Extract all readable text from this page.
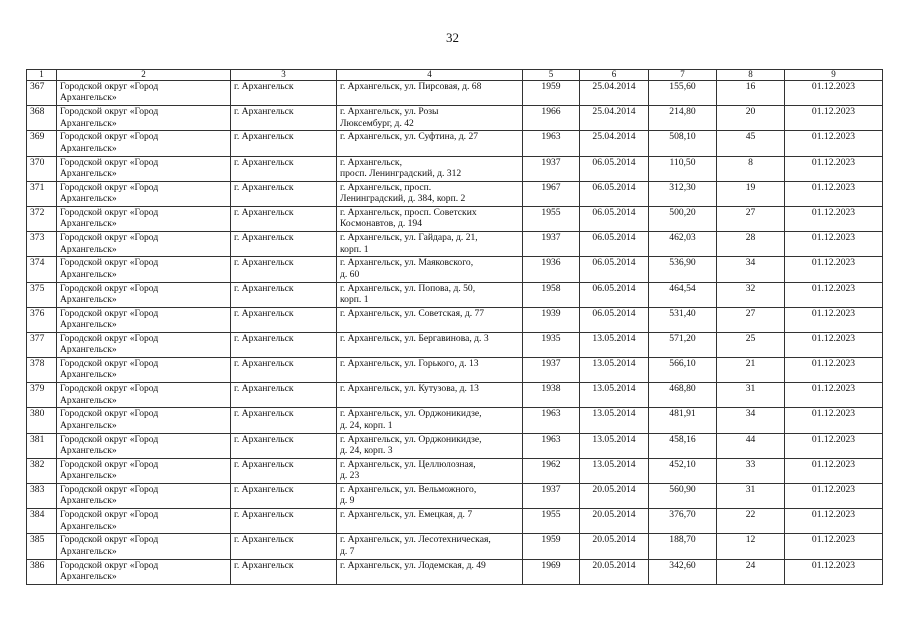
32
1	2	3	4	5	6	7	8	9
367	Городской округ «Город
Архангельск»	г. Архангельск	г. Архангельск, ул. Пирсовая, д. 68	1959	25.04.2014	155,60	16	01.12.2023
368	Городской округ «Город
Архангельск»	г. Архангельск	г. Архангельск, ул. Розы
Люксембург, д. 42	1966	25.04.2014	214,80	20	01.12.2023
369	Городской округ «Город
Архангельск»	г. Архангельск	г. Архангельск, ул. Суфтина, д. 27	1963	25.04.2014	508,10	45	01.12.2023
370	Городской округ «Город
Архангельск»	г. Архангельск	г. Архангельск,
просп. Ленинградский, д. 312	1937	06.05.2014	110,50	8	01.12.2023
371	Городской округ «Город
Архангельск»	г. Архангельск	г. Архангельск, просп.
Ленинградский, д. 384, корп. 2	1967	06.05.2014	312,30	19	01.12.2023
372	Городской округ «Город
Архангельск»	г. Архангельск	г. Архангельск, просп. Советских
Космонавтов, д. 194	1955	06.05.2014	500,20	27	01.12.2023
373	Городской округ «Город
Архангельск»	г. Архангельск	г. Архангельск, ул. Гайдара, д. 21,
корп. 1	1937	06.05.2014	462,03	28	01.12.2023
374	Городской округ «Город
Архангельск»	г. Архангельск	г. Архангельск, ул. Маяковского,
д. 60	1936	06.05.2014	536,90	34	01.12.2023
375	Городской округ «Город
Архангельск»	г. Архангельск	г. Архангельск, ул. Попова, д. 50,
корп. 1	1958	06.05.2014	464,54	32	01.12.2023
376	Городской округ «Город
Архангельск»	г. Архангельск	г. Архангельск, ул. Советская, д. 77	1939	06.05.2014	531,40	27	01.12.2023
377	Городской округ «Город
Архангельск»	г. Архангельск	г. Архангельск, ул. Бергавинова, д. 3	1935	13.05.2014	571,20	25	01.12.2023
378	Городской округ «Город
Архангельск»	г. Архангельск	г. Архангельск, ул. Горького, д. 13	1937	13.05.2014	566,10	21	01.12.2023
379	Городской округ «Город
Архангельск»	г. Архангельск	г. Архангельск, ул. Кутузова, д. 13	1938	13.05.2014	468,80	31	01.12.2023
380	Городской округ «Город
Архангельск»	г. Архангельск	г. Архангельск, ул. Орджоникидзе,
д. 24, корп. 1	1963	13.05.2014	481,91	34	01.12.2023
381	Городской округ «Город
Архангельск»	г. Архангельск	г. Архангельск, ул. Орджоникидзе,
д. 24, корп. 3	1963	13.05.2014	458,16	44	01.12.2023
382	Городской округ «Город
Архангельск»	г. Архангельск	г. Архангельск, ул. Целлюлозная,
д. 23	1962	13.05.2014	452,10	33	01.12.2023
383	Городской округ «Город
Архангельск»	г. Архангельск	г. Архангельск, ул. Вельможного,
д. 9	1937	20.05.2014	560,90	31	01.12.2023
384	Городской округ «Город
Архангельск»	г. Архангельск	г. Архангельск, ул. Емецкая, д. 7	1955	20.05.2014	376,70	22	01.12.2023
385	Городской округ «Город
Архангельск»	г. Архангельск	г. Архангельск, ул. Лесотехническая,
д. 7	1959	20.05.2014	188,70	12	01.12.2023
386	Городской округ «Город
Архангельск»	г. Архангельск	г. Архангельск, ул. Лодемская, д. 49	1969	20.05.2014	342,60	24	01.12.2023
